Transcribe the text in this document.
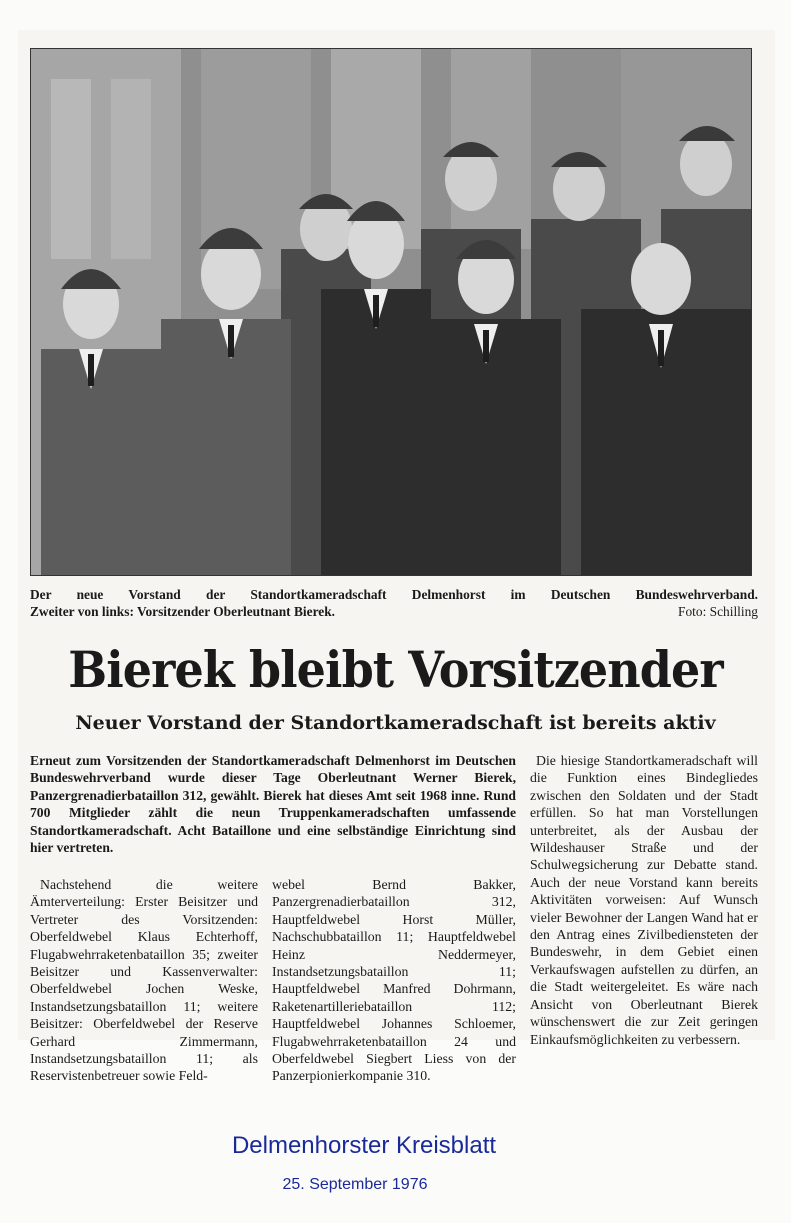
Der neue Vorstand der Standortkameradschaft Delmenhorst im Deutschen Bundeswehrverband.
Zweiter von links: Vorsitzender Oberleutnant Bierek.	Foto: Schilling
Bierek bleibt Vorsitzender
Neuer Vorstand der Standortkameradschaft ist bereits aktiv
Erneut zum Vorsitzenden der Standortkameradschaft Delmenhorst im Deutschen Bundeswehrverband wurde dieser Tage Oberleutnant Werner Bierek, Panzergrenadierbataillon 312, gewählt. Bierek hat dieses Amt seit 1968 inne. Rund 700 Mitglieder zählt die neun Truppenkameradschaften umfassende Standortkameradschaft. Acht Bataillone und eine selbständige Einrichtung sind hier vertreten.
Nachstehend die weitere Ämterverteilung: Erster Beisitzer und Vertreter des Vorsitzenden: Oberfeldwebel Klaus Echterhoff, Flugabwehrraketenbataillon 35; zweiter Beisitzer und Kassenverwalter: Oberfeldwebel Jochen Weske, Instandsetzungsbataillon 11; weitere Beisitzer: Oberfeldwebel der Reserve Gerhard Zimmermann, Instandsetzungsbataillon 11; als Reservistenbetreuer sowie Feld-
webel Bernd Bakker, Panzergrenadierbataillon 312, Hauptfeldwebel Horst Müller, Nachschubbataillon 11; Hauptfeldwebel Heinz Neddermeyer, Instandsetzungsbataillon 11; Hauptfeldwebel Manfred Dohrmann, Raketenartilleriebataillon 112; Hauptfeldwebel Johannes Schloemer, Flugabwehrraketenbataillon 24 und Oberfeldwebel Siegbert Liess von der Panzerpionierkompanie 310.
Die hiesige Standortkameradschaft will die Funktion eines Bindegliedes zwischen den Soldaten und der Stadt erfüllen. So hat man Vorstellungen unterbreitet, als der Ausbau der Wildeshauser Straße und der Schulwegsicherung zur Debatte stand. Auch der neue Vorstand kann bereits Aktivitäten vorweisen: Auf Wunsch vieler Bewohner der Langen Wand hat er den Antrag eines Zivilbediensteten der Bundeswehr, in dem Gebiet einen Verkaufswagen aufstellen zu dürfen, an die Stadt weitergeleitet. Es wäre nach Ansicht von Oberleutnant Bierek wünschenswert die zur Zeit geringen Einkaufsmöglichkeiten zu verbessern.
Delmenhorster Kreisblatt
25. September 1976
